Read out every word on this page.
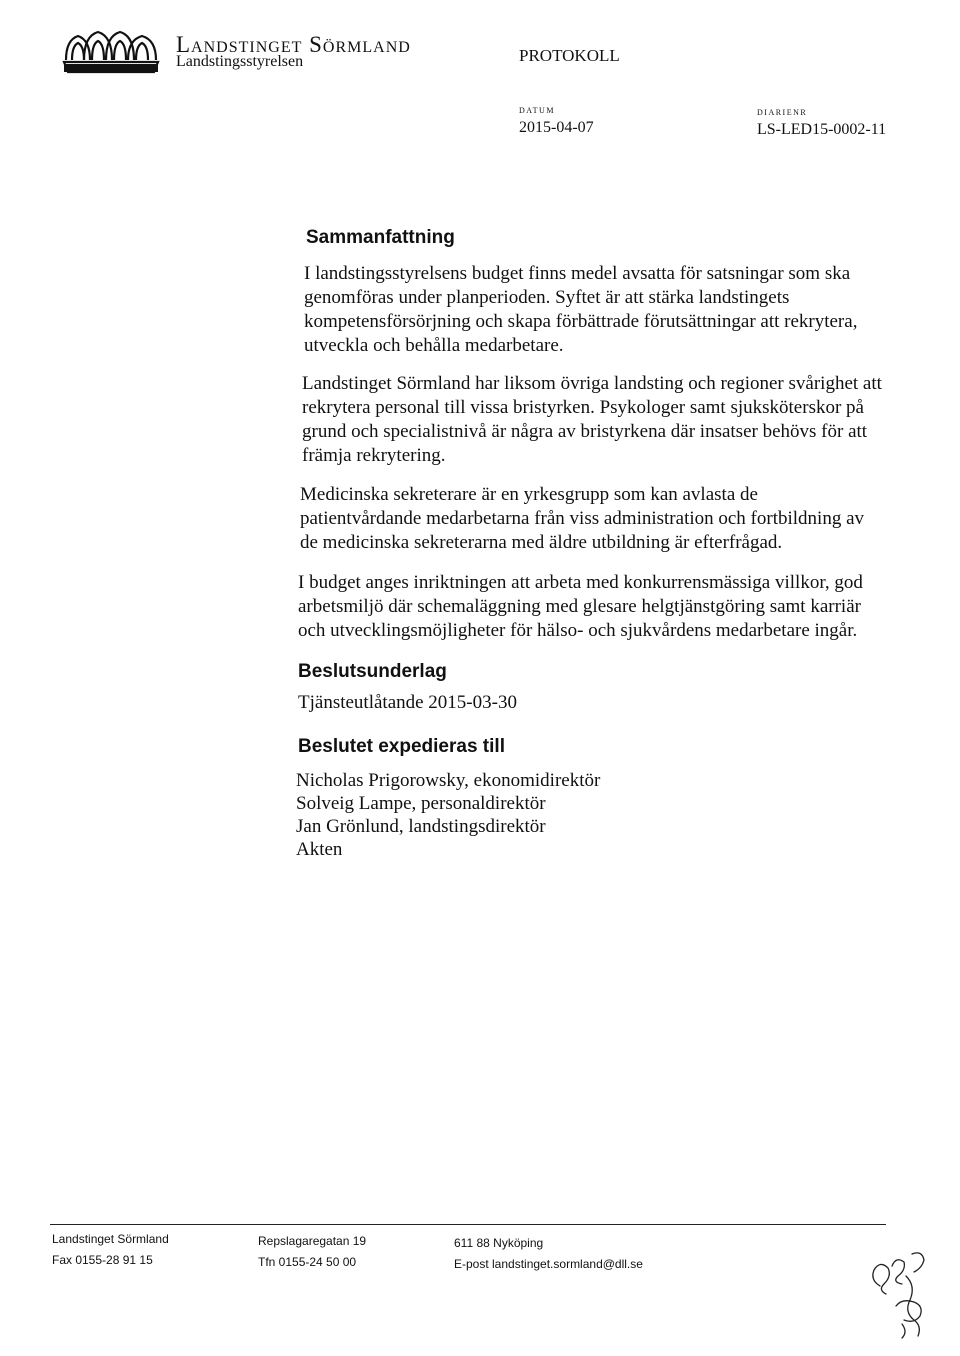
Landstinget Sörmland
Landstingsstyrelsen	PROTOKOLL
DATUM
2015-04-07
DIARIENR
LS-LED15-0002-11
Sammanfattning
I landstingsstyrelsens budget finns medel avsatta för satsningar som ska
genomföras under planperioden. Syftet är att stärka landstingets
kompetensförsörjning och skapa förbättrade förutsättningar att rekrytera,
utveckla och behålla medarbetare.
Landstinget Sörmland har liksom övriga landsting och regioner svårighet att
rekrytera personal till vissa bristyrken. Psykologer samt sjuksköterskor på
grund och specialistnivå är några av bristyrkena där insatser behövs för att
främja rekrytering.
Medicinska sekreterare är en yrkesgrupp som kan avlasta de
patientvårdande medarbetarna från viss administration och fortbildning av
de medicinska sekreterarna med äldre utbildning är efterfrågad.
I budget anges inriktningen att arbeta med konkurrensmässiga villkor, god
arbetsmiljö där schemaläggning med glesare helgtjänstgöring samt karriär
och utvecklingsmöjligheter för hälso- och sjukvårdens medarbetare ingår.
Beslutsunderlag
Tjänsteutlåtande 2015-03-30
Beslutet expedieras till
Nicholas Prigorowsky, ekonomidirektör
Solveig Lampe, personaldirektör
Jan Grönlund, landstingsdirektör
Akten
Landstinget Sörmland
Fax 0155-28 91 15
Repslagaregatan 19
Tfn 0155-24 50 00
611 88 Nyköping
E-post landstinget.sormland@dll.se
